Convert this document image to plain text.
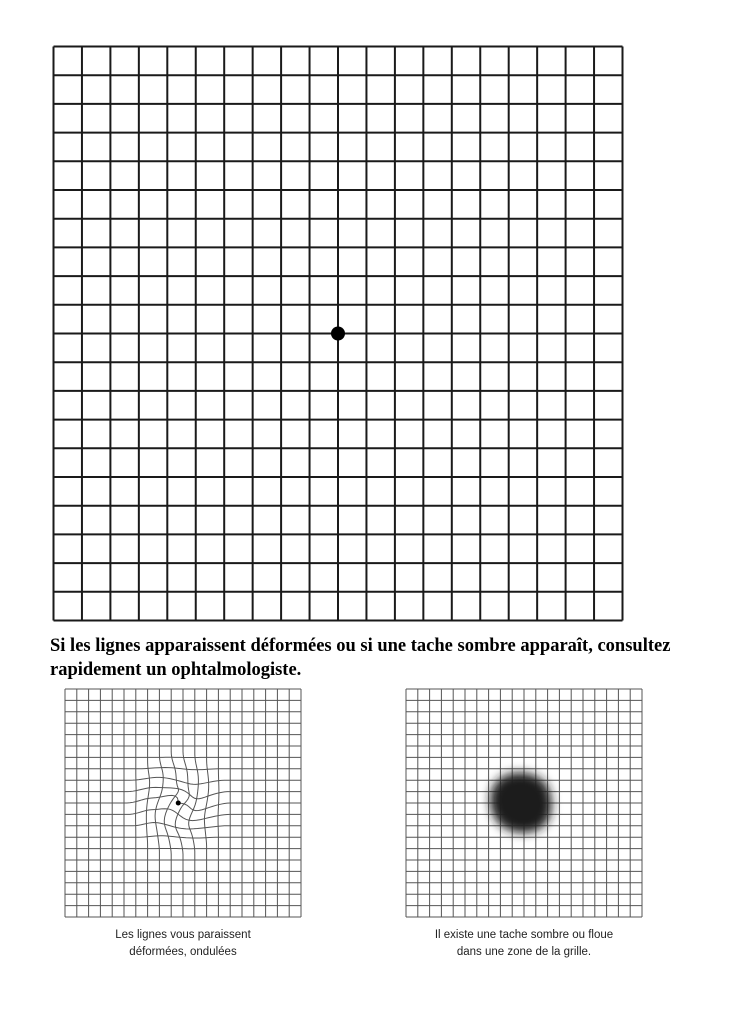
Si les lignes apparaissent déformées ou si une tache sombre apparaît, consultez
rapidement un ophtalmologiste.

Les lignes vous paraissent
déformées, ondulées

Il existe une tache sombre ou floue
dans une zone de la grille.
